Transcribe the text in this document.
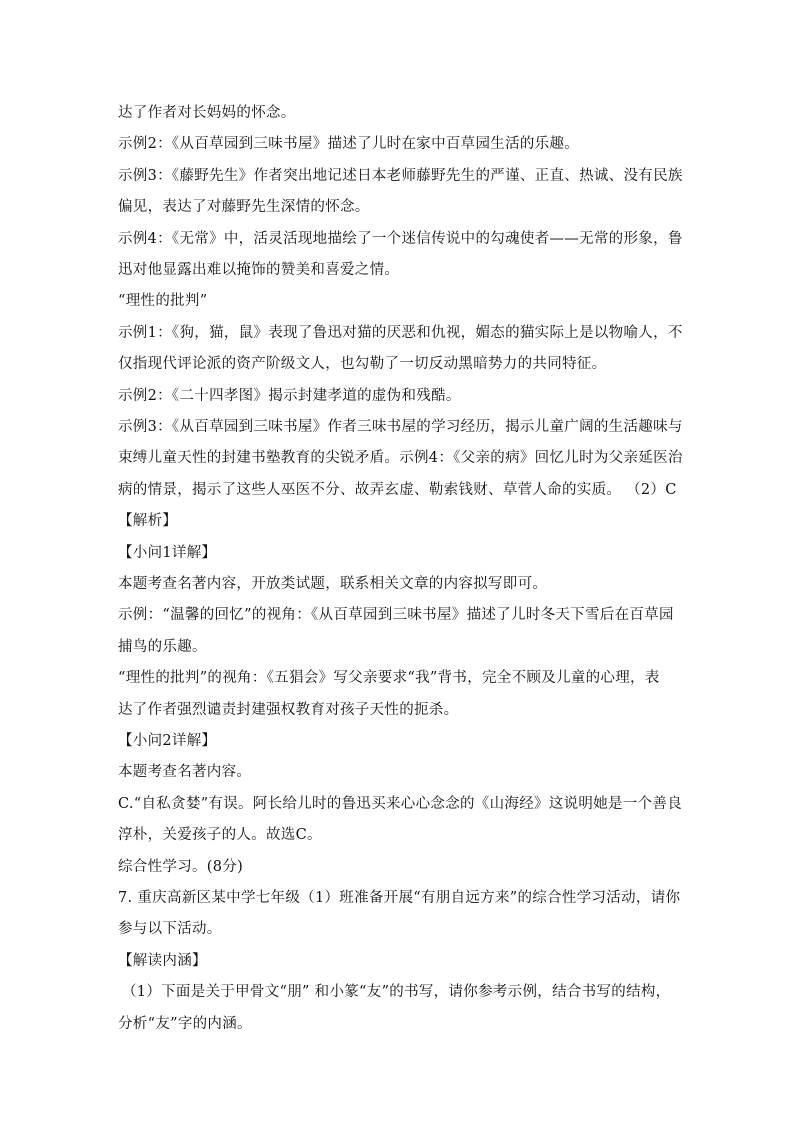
达了作者对长妈妈的怀念。
示例2：《从百草园到三味书屋》描述了儿时在家中百草园生活的乐趣。
示例3：《藤野先生》作者突出地记述日本老师藤野先生的严谨、正直、热诚、没有民族
偏见，表达了对藤野先生深情的怀念。
示例4：《无常》中，活灵活现地描绘了一个迷信传说中的勾魂使者——无常的形象，鲁
迅对他显露出难以掩饰的赞美和喜爱之情。
“理性的批判”
示例1：《狗，猫，鼠》表现了鲁迅对猫的厌恶和仇视，媚态的猫实际上是以物喻人，不
仅指现代评论派的资产阶级文人，也勾勒了一切反动黑暗势力的共同特征。
示例2：《二十四孝图》揭示封建孝道的虚伪和残酷。
示例3：《从百草园到三味书屋》作者三味书屋的学习经历，揭示儿童广阔的生活趣味与
束缚儿童天性的封建书塾教育的尖锐矛盾。示例4：《父亲的病》回忆儿时为父亲延医治
病的情景，揭示了这些人巫医不分、故弄玄虚、勒索钱财、草菅人命的实质。 （2）C
【解析】
【小问1详解】
本题考查名著内容，开放类试题，联系相关文章的内容拟写即可。
示例：“温馨的回忆”的视角：《从百草园到三味书屋》描述了儿时冬天下雪后在百草园
捕鸟的乐趣。
“理性的批判”的视角：《五猖会》写父亲要求“我”背书，完全不顾及儿童的心理，表
达了作者强烈谴责封建强权教育对孩子天性的扼杀。
【小问2详解】
本题考查名著内容。
C.“自私贪婪”有误。阿长给儿时的鲁迅买来心心念念的《山海经》这说明她是一个善良
淳朴，关爱孩子的人。故选C。
综合性学习。(8分)
7. 重庆高新区某中学七年级（1）班准备开展“有朋自远方来”的综合性学习活动，请你
参与以下活动。
【解读内涵】
（1）下面是关于甲骨文“朋” 和小篆“友”的书写，请你参考示例，结合书写的结构，
分析“友”字的内涵。
